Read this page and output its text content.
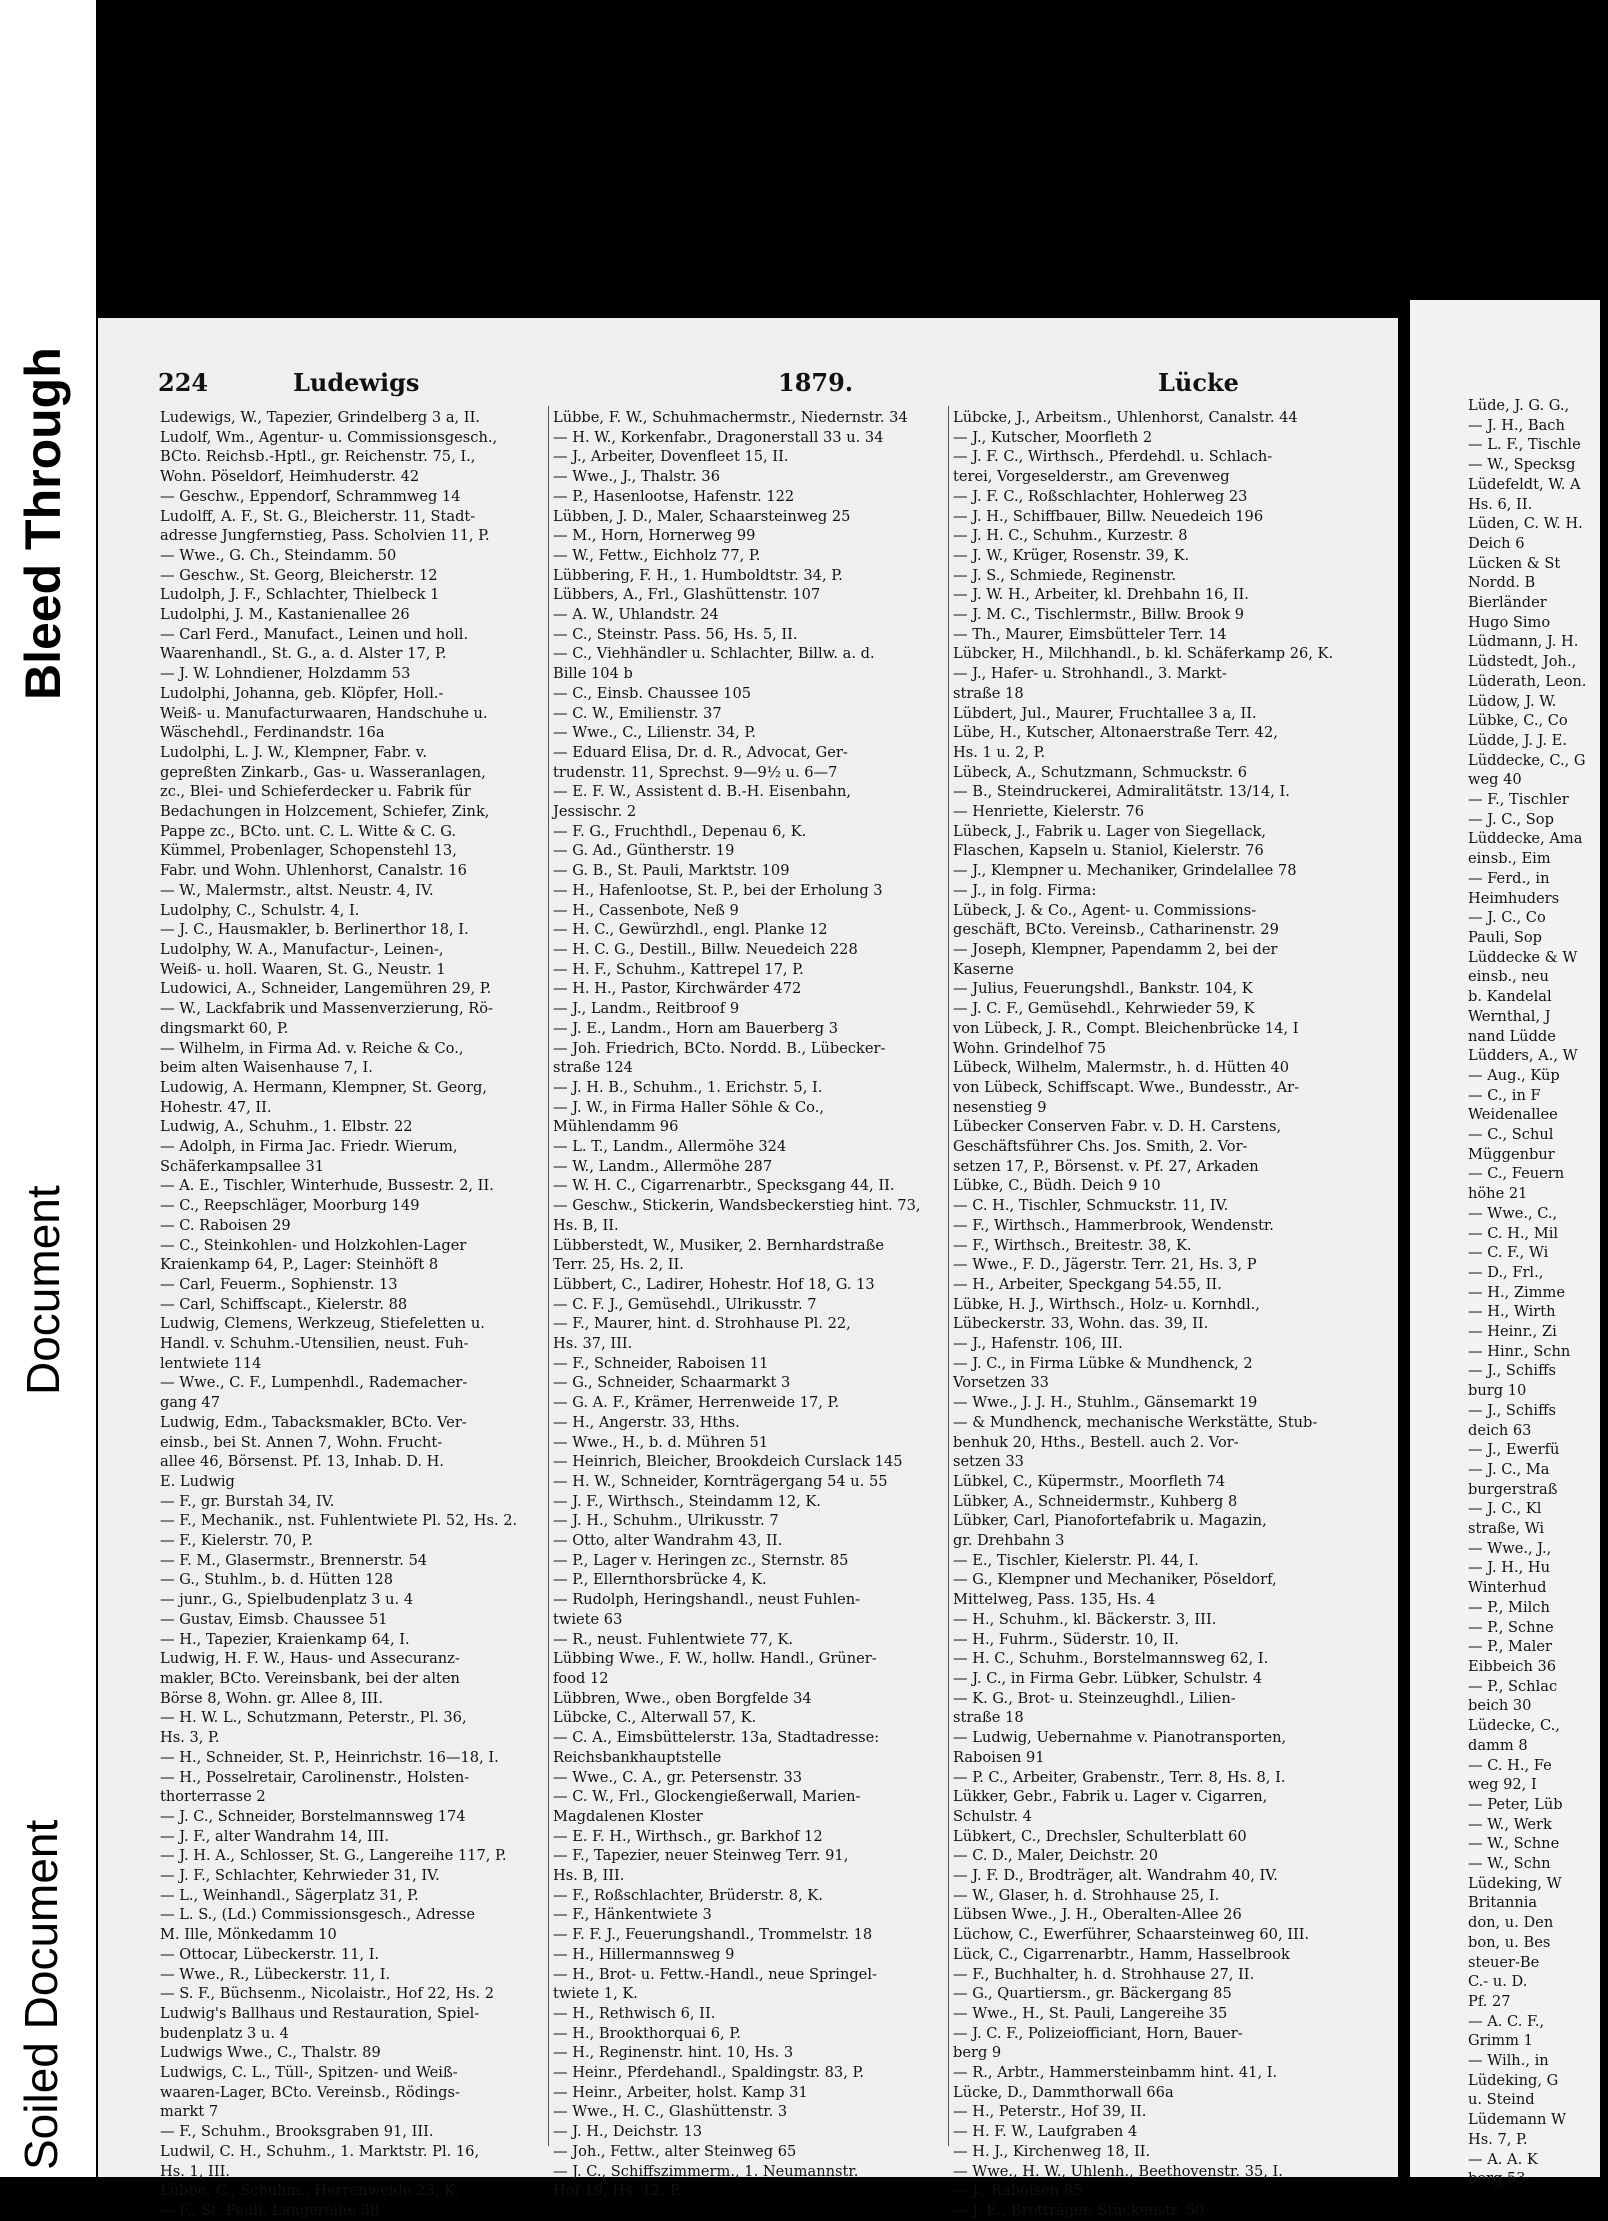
Bleed Through
Document
Soiled Document
224	Ludewigs	1879.	Lücke
Ludewigs, W., Tapezier, Grindelberg 3 a, II.
Ludolf, Wm., Agentur- u. Commissionsgesch.,
BCto. Reichsb.-Hptl., gr. Reichenstr. 75, I.,
Wohn. Pöseldorf, Heimhuderstr. 42
— Geschw., Eppendorf, Schrammweg 14
Ludolff, A. F., St. G., Bleicherstr. 11, Stadt-
adresse Jungfernstieg, Pass. Scholvien 11, P.
— Wwe., G. Ch., Steindamm. 50
— Geschw., St. Georg, Bleicherstr. 12
Ludolph, J. F., Schlachter, Thielbeck 1
Ludolphi, J. M., Kastanienallee 26
— Carl Ferd., Manufact., Leinen und holl.
Waarenhandl., St. G., a. d. Alster 17, P.
— J. W. Lohndiener, Holzdamm 53
Ludolphi, Johanna, geb. Klöpfer, Holl.-
Weiß- u. Manufacturwaaren, Handschuhe u.
Wäschehdl., Ferdinandstr. 16a
Ludolphi, L. J. W., Klempner, Fabr. v.
gepreßten Zinkarb., Gas- u. Wasseranlagen,
zc., Blei- und Schieferdecker u. Fabrik für
Bedachungen in Holzcement, Schiefer, Zink,
Pappe zc., BCto. unt. C. L. Witte & C. G.
Kümmel, Probenlager, Schopenstehl 13,
Fabr. und Wohn. Uhlenhorst, Canalstr. 16
— W., Malermstr., altst. Neustr. 4, IV.
Ludolphy, C., Schulstr. 4, I.
— J. C., Hausmakler, b. Berlinerthor 18, I.
Ludolphy, W. A., Manufactur-, Leinen-,
Weiß- u. holl. Waaren, St. G., Neustr. 1
Ludowici, A., Schneider, Langemühren 29, P.
— W., Lackfabrik und Massenverzierung, Rö-
dingsmarkt 60, P.
— Wilhelm, in Firma Ad. v. Reiche & Co.,
beim alten Waisenhause 7, I.
Ludowig, A. Hermann, Klempner, St. Georg,
Hohestr. 47, II.
Ludwig, A., Schuhm., 1. Elbstr. 22
— Adolph, in Firma Jac. Friedr. Wierum,
Schäferkampsallee 31
— A. E., Tischler, Winterhude, Bussestr. 2, II.
— C., Reepschläger, Moorburg 149
— C. Raboisen 29
— C., Steinkohlen- und Holzkohlen-Lager
Kraienkamp 64, P., Lager: Steinhöft 8
— Carl, Feuerm., Sophienstr. 13
— Carl, Schiffscapt., Kielerstr. 88
Ludwig, Clemens, Werkzeug, Stiefeletten u.
Handl. v. Schuhm.-Utensilien, neust. Fuh-
lentwiete 114
— Wwe., C. F., Lumpenhdl., Rademacher-
gang 47
Ludwig, Edm., Tabacksmakler, BCto. Ver-
einsb., bei St. Annen 7, Wohn. Frucht-
allee 46, Börsenst. Pf. 13, Inhab. D. H.
E. Ludwig
— F., gr. Burstah 34, IV.
— F., Mechanik., nst. Fuhlentwiete Pl. 52, Hs. 2.
— F., Kielerstr. 70, P.
— F. M., Glasermstr., Brennerstr. 54
— G., Stuhlm., b. d. Hütten 128
— junr., G., Spielbudenplatz 3 u. 4
— Gustav, Eimsb. Chaussee 51
— H., Tapezier, Kraienkamp 64, I.
Ludwig, H. F. W., Haus- und Assecuranz-
makler, BCto. Vereinsbank, bei der alten
Börse 8, Wohn. gr. Allee 8, III.
— H. W. L., Schutzmann, Peterstr., Pl. 36,
Hs. 3, P.
— H., Schneider, St. P., Heinrichstr. 16—18, I.
— H., Posselretair, Carolinenstr., Holsten-
thorterrasse 2
— J. C., Schneider, Borstelmannsweg 174
— J. F., alter Wandrahm 14, III.
— J. H. A., Schlosser, St. G., Langereihe 117, P.
— J. F., Schlachter, Kehrwieder 31, IV.
— L., Weinhandl., Sägerplatz 31, P.
— L. S., (Ld.) Commissionsgesch., Adresse
M. Ille, Mönkedamm 10
— Ottocar, Lübeckerstr. 11, I.
— Wwe., R., Lübeckerstr. 11, I.
— S. F., Büchsenm., Nicolaistr., Hof 22, Hs. 2
Ludwig's Ballhaus und Restauration, Spiel-
budenplatz 3 u. 4
Ludwigs Wwe., C., Thalstr. 89
Ludwigs, C. L., Tüll-, Spitzen- und Weiß-
waaren-Lager, BCto. Vereinsb., Rödings-
markt 7
— F., Schuhm., Brooksgraben 91, III.
Ludwil, C. H., Schuhm., 1. Marktstr. Pl. 16,
Hs. 1, III.
Lübbe, C., Schuhm., Herrenweide 23, K.
— F., St. Pauli, Langereihe 38
Lübbe, F. W., Schuhmachermstr., Niedernstr. 34
— H. W., Korkenfabr., Dragonerstall 33 u. 34
— J., Arbeiter, Dovenfleet 15, II.
— Wwe., J., Thalstr. 36
— P., Hasenlootse, Hafenstr. 122
Lübben, J. D., Maler, Schaarsteinweg 25
— M., Horn, Hornerweg 99
— W., Fettw., Eichholz 77, P.
Lübbering, F. H., 1. Humboldtstr. 34, P.
Lübbers, A., Frl., Glashüttenstr. 107
— A. W., Uhlandstr. 24
— C., Steinstr. Pass. 56, Hs. 5, II.
— C., Viehhändler u. Schlachter, Billw. a. d.
Bille 104 b
— C., Einsb. Chaussee 105
— C. W., Emilienstr. 37
— Wwe., C., Lilienstr. 34, P.
— Eduard Elisa, Dr. d. R., Advocat, Ger-
trudenstr. 11, Sprechst. 9—9½ u. 6—7
— E. F. W., Assistent d. B.-H. Eisenbahn,
Jessischr. 2
— F. G., Fruchthdl., Depenau 6, K.
— G. Ad., Güntherstr. 19
— G. B., St. Pauli, Marktstr. 109
— H., Hafenlootse, St. P., bei der Erholung 3
— H., Cassenbote, Neß 9
— H. C., Gewürzhdl., engl. Planke 12
— H. C. G., Destill., Billw. Neuedeich 228
— H. F., Schuhm., Kattrepel 17, P.
— H. H., Pastor, Kirchwärder 472
— J., Landm., Reitbroof 9
— J. E., Landm., Horn am Bauerberg 3
— Joh. Friedrich, BCto. Nordd. B., Lübecker-
straße 124
— J. H. B., Schuhm., 1. Erichstr. 5, I.
— J. W., in Firma Haller Söhle & Co.,
Mühlendamm 96
— L. T., Landm., Allermöhe 324
— W., Landm., Allermöhe 287
— W. H. C., Cigarrenarbtr., Specksgang 44, II.
— Geschw., Stickerin, Wandsbeckerstieg hint. 73,
Hs. B, II.
Lübberstedt, W., Musiker, 2. Bernhardstraße
Terr. 25, Hs. 2, II.
Lübbert, C., Ladirer, Hohestr. Hof 18, G. 13
— C. F. J., Gemüsehdl., Ulrikusstr. 7
— F., Maurer, hint. d. Strohhause Pl. 22,
Hs. 37, III.
— F., Schneider, Raboisen 11
— G., Schneider, Schaarmarkt 3
— G. A. F., Krämer, Herrenweide 17, P.
— H., Angerstr. 33, Hths.
— Wwe., H., b. d. Mühren 51
— Heinrich, Bleicher, Brookdeich Curslack 145
— H. W., Schneider, Kornträgergang 54 u. 55
— J. F., Wirthsch., Steindamm 12, K.
— J. H., Schuhm., Ulrikusstr. 7
— Otto, alter Wandrahm 43, II.
— P., Lager v. Heringen zc., Sternstr. 85
— P., Ellernthorsbrücke 4, K.
— Rudolph, Heringshandl., neust Fuhlen-
twiete 63
— R., neust. Fuhlentwiete 77, K.
Lübbing Wwe., F. W., hollw. Handl., Grüner-
food 12
Lübbren, Wwe., oben Borgfelde 34
Lübcke, C., Alterwall 57, K.
— C. A., Eimsbüttelerstr. 13a, Stadtadresse:
Reichsbankhauptstelle
— Wwe., C. A., gr. Petersenstr. 33
— C. W., Frl., Glockengießerwall, Marien-
Magdalenen Kloster
— E. F. H., Wirthsch., gr. Barkhof 12
— F., Tapezier, neuer Steinweg Terr. 91,
Hs. B, III.
— F., Roßschlachter, Brüderstr. 8, K.
— F., Hänkentwiete 3
— F. F. J., Feuerungshandl., Trommelstr. 18
— H., Hillermannsweg 9
— H., Brot- u. Fettw.-Handl., neue Springel-
twiete 1, K.
— H., Rethwisch 6, II.
— H., Brookthorquai 6, P.
— H., Reginenstr. hint. 10, Hs. 3
— Heinr., Pferdehandl., Spaldingstr. 83, P.
— Heinr., Arbeiter, holst. Kamp 31
— Wwe., H. C., Glashüttenstr. 3
— J. H., Deichstr. 13
— Joh., Fettw., alter Steinweg 65
— J. C., Schiffszimmerm., 1. Neumannstr.
Hof 19, Hs. 12, P.
Lübcke, J., Arbeitsm., Uhlenhorst, Canalstr. 44
— J., Kutscher, Moorfleth 2
— J. F. C., Wirthsch., Pferdehdl. u. Schlach-
terei, Vorgeselderstr., am Grevenweg
— J. F. C., Roßschlachter, Hohlerweg 23
— J. H., Schiffbauer, Billw. Neuedeich 196
— J. H. C., Schuhm., Kurzestr. 8
— J. W., Krüger, Rosenstr. 39, K.
— J. S., Schmiede, Reginenstr.
— J. W. H., Arbeiter, kl. Drehbahn 16, II.
— J. M. C., Tischlermstr., Billw. Brook 9
— Th., Maurer, Eimsbütteler Terr. 14
Lübcker, H., Milchhandl., b. kl. Schäferkamp 26, K.
— J., Hafer- u. Strohhandl., 3. Markt-
straße 18
Lübdert, Jul., Maurer, Fruchtallee 3 a, II.
Lübe, H., Kutscher, Altonaerstraße Terr. 42,
Hs. 1 u. 2, P.
Lübeck, A., Schutzmann, Schmuckstr. 6
— B., Steindruckerei, Admiralitätstr. 13/14, I.
— Henriette, Kielerstr. 76
Lübeck, J., Fabrik u. Lager von Siegellack,
Flaschen, Kapseln u. Staniol, Kielerstr. 76
— J., Klempner u. Mechaniker, Grindelallee 78
— J., in folg. Firma:
Lübeck, J. & Co., Agent- u. Commissions-
geschäft, BCto. Vereinsb., Catharinenstr. 29
— Joseph, Klempner, Papendamm 2, bei der
Kaserne
— Julius, Feuerungshdl., Bankstr. 104, K
— J. C. F., Gemüsehdl., Kehrwieder 59, K
von Lübeck, J. R., Compt. Bleichenbrücke 14, I
Wohn. Grindelhof 75
Lübeck, Wilhelm, Malermstr., h. d. Hütten 40
von Lübeck, Schiffscapt. Wwe., Bundesstr., Ar-
nesenstieg 9
Lübecker Conserven Fabr. v. D. H. Carstens,
Geschäftsführer Chs. Jos. Smith, 2. Vor-
setzen 17, P., Börsenst. v. Pf. 27, Arkaden
Lübke, C., Büdh. Deich 9 10
— C. H., Tischler, Schmuckstr. 11, IV.
— F., Wirthsch., Hammerbrook, Wendenstr.
— F., Wirthsch., Breitestr. 38, K.
— Wwe., F. D., Jägerstr. Terr. 21, Hs. 3, P
— H., Arbeiter, Speckgang 54.55, II.
Lübke, H. J., Wirthsch., Holz- u. Kornhdl.,
Lübeckerstr. 33, Wohn. das. 39, II.
— J., Hafenstr. 106, III.
— J. C., in Firma Lübke & Mundhenck, 2
Vorsetzen 33
— Wwe., J. J. H., Stuhlm., Gänsemarkt 19
— & Mundhenck, mechanische Werkstätte, Stub-
benhuk 20, Hths., Bestell. auch 2. Vor-
setzen 33
Lübkel, C., Küpermstr., Moorfleth 74
Lübker, A., Schneidermstr., Kuhberg 8
Lübker, Carl, Pianofortefabrik u. Magazin,
gr. Drehbahn 3
— E., Tischler, Kielerstr. Pl. 44, I.
— G., Klempner und Mechaniker, Pöseldorf,
Mittelweg, Pass. 135, Hs. 4
— H., Schuhm., kl. Bäckerstr. 3, III.
— H., Fuhrm., Süderstr. 10, II.
— H. C., Schuhm., Borstelmannsweg 62, I.
— J. C., in Firma Gebr. Lübker, Schulstr. 4
— K. G., Brot- u. Steinzeughdl., Lilien-
straße 18
— Ludwig, Uebernahme v. Pianotransporten,
Raboisen 91
— P. C., Arbeiter, Grabenstr., Terr. 8, Hs. 8, I.
Lükker, Gebr., Fabrik u. Lager v. Cigarren,
Schulstr. 4
Lübkert, C., Drechsler, Schulterblatt 60
— C. D., Maler, Deichstr. 20
— J. F. D., Brodträger, alt. Wandrahm 40, IV.
— W., Glaser, h. d. Strohhause 25, I.
Lübsen Wwe., J. H., Oberalten-Allee 26
Lüchow, C., Ewerführer, Schaarsteinweg 60, III.
Lück, C., Cigarrenarbtr., Hamm, Hasselbrook
— F., Buchhalter, h. d. Strohhause 27, II.
— G., Quartiersm., gr. Bäckergang 85
— Wwe., H., St. Pauli, Langereihe 35
— J. C. F., Polizeiofficiant, Horn, Bauer-
berg 9
— R., Arbtr., Hammersteinbamm hint. 41, I.
Lücke, D., Dammthorwall 66a
— H., Peterstr., Hof 39, II.
— H. F. W., Laufgraben 4
— H. J., Kirchenweg 18, II.
— Wwe., H. W., Uhlenh., Beethovenstr. 35, I.
— J., Raboisen 85
— J. E., Brotträger, Stückenstr. 50
Lüde, J. G. G.,
— J. H., Bach
— L. F., Tischle
— W., Specksg
Lüdefeldt, W. A
Hs. 6, II.
Lüden, C. W. H.
Deich 6
Lücken & St
Nordd. B
Bierländer
Hugo Simo
Lüdmann, J. H.
Lüdstedt, Joh.,
Lüderath, Leon.
Lüdow, J. W.
Lübke, C., Co
Lüdde, J. J. E.
Lüddecke, C., G
weg 40
— F., Tischler
— J. C., Sop
Lüddecke, Ama
einsb., Eim
— Ferd., in
Heimhuders
— J. C., Co
Pauli, Sop
Lüddecke & W
einsb., neu
b. Kandelal
Wernthal, J
nand Lüdde
Lüdders, A., W
— Aug., Küp
— C., in F
Weidenallee
— C., Schul
Müggenbur
— C., Feuern
höhe 21
— Wwe., C.,
— C. H., Mil
— C. F., Wi
— D., Frl.,
— H., Zimme
— H., Wirth
— Heinr., Zi
— Hinr., Schn
— J., Schiffs
burg 10
— J., Schiffs
deich 63
— J., Ewerfü
— J. C., Ma
burgerstraß
— J. C., Kl
straße, Wi
— Wwe., J.,
— J. H., Hu
Winterhud
— P., Milch
— P., Schne
— P., Maler
Eibbeich 36
— P., Schlac
beich 30
Lüdecke, C.,
damm 8
— C. H., Fe
weg 92, I
— Peter, Lüb
— W., Werk
— W., Schne
— W., Schn
Lüdeking, W
Britannia
don, u. Den
bon, u. Bes
steuer-Be
C.- u. D.
Pf. 27
— A. C. F.,
Grimm 1
— Wilh., in
Lüdeking, G
u. Steind
Lüdemann W
Hs. 7, P.
— A. A. K
berg 53,
